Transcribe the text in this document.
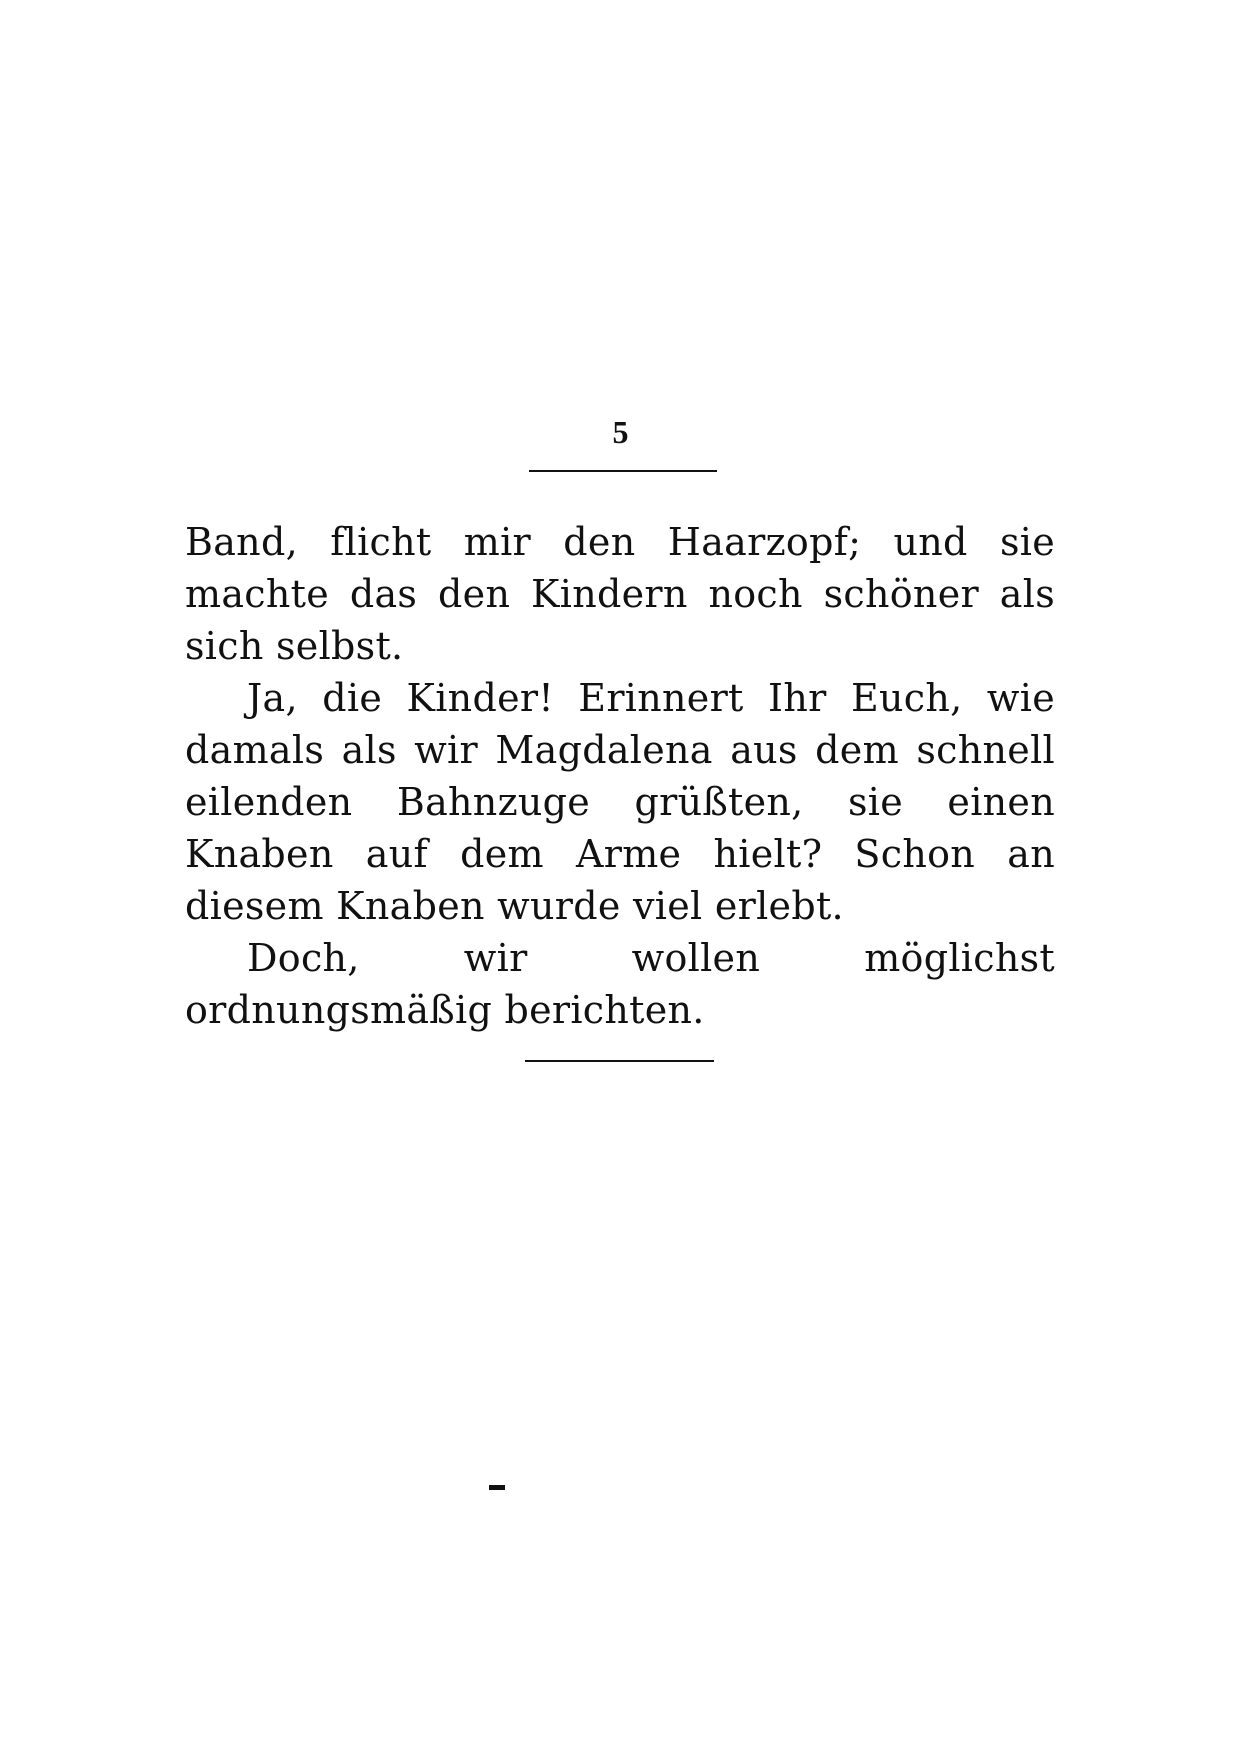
5

Band, flicht mir den Haarzopf; und sie machte das den Kindern noch schöner als sich selbst.

Ja, die Kinder! Erinnert Ihr Euch, wie damals als wir Magdalena aus dem schnell eilenden Bahnzuge grüßten, sie einen Knaben auf dem Arme hielt? Schon an diesem Knaben wurde viel erlebt.

Doch, wir wollen möglichst ordnungsmäßig berichten.
